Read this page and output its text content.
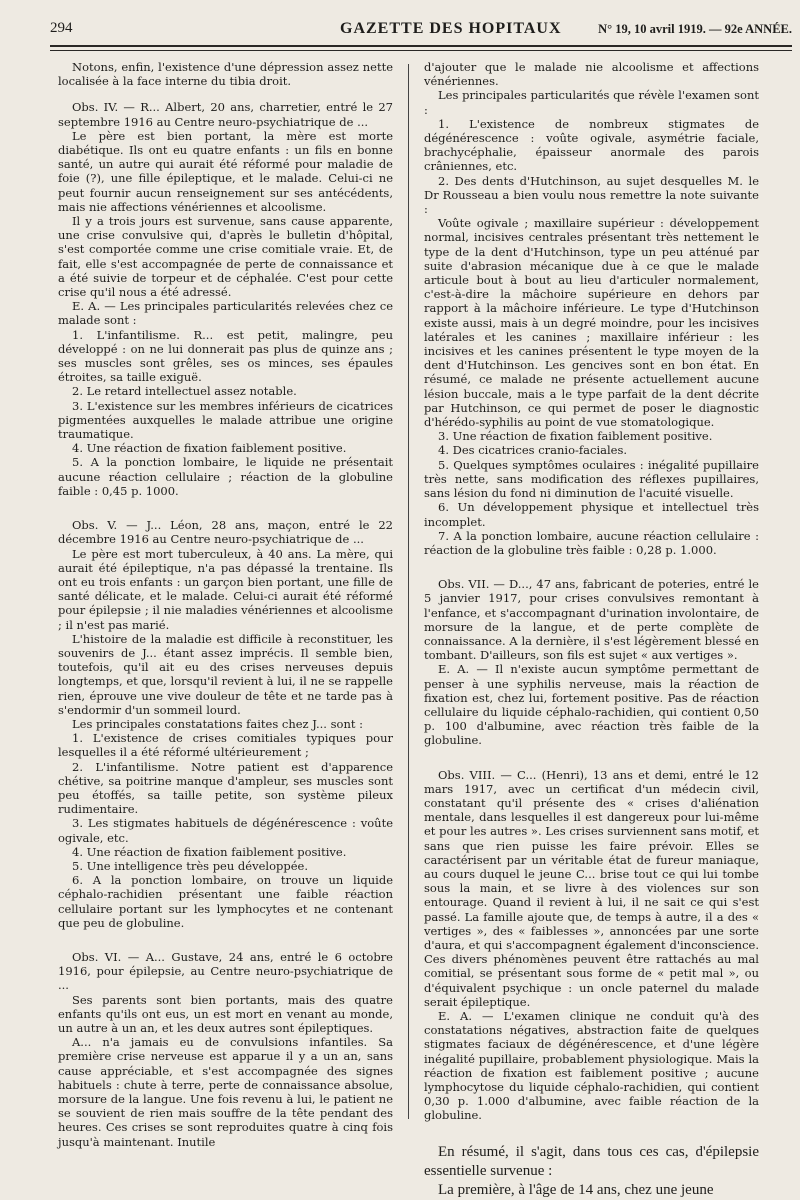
294	GAZETTE DES HOPITAUX	N° 19, 10 avril 1919. — 92e ANNÉE.

Notons, enfin, l'existence d'une dépression assez nette localisée à la face interne du tibia droit.

Obs. IV. — R... Albert, 20 ans, charretier, entré le 27 septembre 1916 au Centre neuro-psychiatrique de ...

Le père est bien portant, la mère est morte diabétique. Ils ont eu quatre enfants : un fils en bonne santé, un autre qui aurait été réformé pour maladie de foie (?), une fille épileptique, et le malade. Celui-ci ne peut fournir aucun renseignement sur ses antécédents, mais nie affections vénériennes et alcoolisme.

Il y a trois jours est survenue, sans cause apparente, une crise convulsive qui, d'après le bulletin d'hôpital, s'est comportée comme une crise comitiale vraie. Et, de fait, elle s'est accompagnée de perte de connaissance et a été suivie de torpeur et de céphalée. C'est pour cette crise qu'il nous a été adressé.

E. A. — Les principales particularités relevées chez ce malade sont :

1. L'infantilisme. R... est petit, malingre, peu développé : on ne lui donnerait pas plus de quinze ans ; ses muscles sont grêles, ses os minces, ses épaules étroites, sa taille exiguë.

2. Le retard intellectuel assez notable.

3. L'existence sur les membres inférieurs de cicatrices pigmentées auxquelles le malade attribue une origine traumatique.

4. Une réaction de fixation faiblement positive.

5. A la ponction lombaire, le liquide ne présentait aucune réaction cellulaire ; réaction de la globuline faible : 0,45 p. 1000.

Obs. V. — J... Léon, 28 ans, maçon, entré le 22 décembre 1916 au Centre neuro-psychiatrique de ...

Le père est mort tuberculeux, à 40 ans. La mère, qui aurait été épileptique, n'a pas dépassé la trentaine. Ils ont eu trois enfants : un garçon bien portant, une fille de santé délicate, et le malade. Celui-ci aurait été réformé pour épilepsie ; il nie maladies vénériennes et alcoolisme ; il n'est pas marié.

L'histoire de la maladie est difficile à reconstituer, les souvenirs de J... étant assez imprécis. Il semble bien, toutefois, qu'il ait eu des crises nerveuses depuis longtemps, et que, lorsqu'il revient à lui, il ne se rappelle rien, éprouve une vive douleur de tête et ne tarde pas à s'endormir d'un sommeil lourd.

Les principales constatations faites chez J... sont :

1. L'existence de crises comitiales typiques pour lesquelles il a été réformé ultérieurement ;

2. L'infantilisme. Notre patient est d'apparence chétive, sa poitrine manque d'ampleur, ses muscles sont peu étoffés, sa taille petite, son système pileux rudimentaire.

3. Les stigmates habituels de dégénérescence : voûte ogivale, etc.

4. Une réaction de fixation faiblement positive.

5. Une intelligence très peu développée.

6. A la ponction lombaire, on trouve un liquide céphalo-rachidien présentant une faible réaction cellulaire portant sur les lymphocytes et ne contenant que peu de globuline.

Obs. VI. — A... Gustave, 24 ans, entré le 6 octobre 1916, pour épilepsie, au Centre neuro-psychiatrique de ...

Ses parents sont bien portants, mais des quatre enfants qu'ils ont eus, un est mort en venant au monde, un autre à un an, et les deux autres sont épileptiques.

A... n'a jamais eu de convulsions infantiles. Sa première crise nerveuse est apparue il y a un an, sans cause appréciable, et s'est accompagnée des signes habituels : chute à terre, perte de connaissance absolue, morsure de la langue. Une fois revenu à lui, le patient ne se souvient de rien mais souffre de la tête pendant des heures. Ces crises se sont reproduites quatre à cinq fois jusqu'à maintenant. Inutile

d'ajouter que le malade nie alcoolisme et affections vénériennes.

Les principales particularités que révèle l'examen sont :

1. L'existence de nombreux stigmates de dégénérescence : voûte ogivale, asymétrie faciale, brachycéphalie, épaisseur anormale des parois crâniennes, etc.

2. Des dents d'Hutchinson, au sujet desquelles M. le Dr Rousseau a bien voulu nous remettre la note suivante :

Voûte ogivale ; maxillaire supérieur : développement normal, incisives centrales présentant très nettement le type de la dent d'Hutchinson, type un peu atténué par suite d'abrasion mécanique due à ce que le malade articule bout à bout au lieu d'articuler normalement, c'est-à-dire la mâchoire supérieure en dehors par rapport à la mâchoire inférieure. Le type d'Hutchinson existe aussi, mais à un degré moindre, pour les incisives latérales et les canines ; maxillaire inférieur : les incisives et les canines présentent le type moyen de la dent d'Hutchinson. Les gencives sont en bon état. En résumé, ce malade ne présente actuellement aucune lésion buccale, mais a le type parfait de la dent décrite par Hutchinson, ce qui permet de poser le diagnostic d'hérédo-syphilis au point de vue stomatologique.

3. Une réaction de fixation faiblement positive.

4. Des cicatrices cranio-faciales.

5. Quelques symptômes oculaires : inégalité pupillaire très nette, sans modification des réflexes pupillaires, sans lésion du fond ni diminution de l'acuité visuelle.

6. Un développement physique et intellectuel très incomplet.

7. A la ponction lombaire, aucune réaction cellulaire : réaction de la globuline très faible : 0,28 p. 1.000.

Obs. VII. — D..., 47 ans, fabricant de poteries, entré le 5 janvier 1917, pour crises convulsives remontant à l'enfance, et s'accompagnant d'urination involontaire, de morsure de la langue, et de perte complète de connaissance. A la dernière, il s'est légèrement blessé en tombant. D'ailleurs, son fils est sujet « aux vertiges ».

E. A. — Il n'existe aucun symptôme permettant de penser à une syphilis nerveuse, mais la réaction de fixation est, chez lui, fortement positive. Pas de réaction cellulaire du liquide céphalo-rachidien, qui contient 0,50 p. 100 d'albumine, avec réaction très faible de la globuline.

Obs. VIII. — C... (Henri), 13 ans et demi, entré le 12 mars 1917, avec un certificat d'un médecin civil, constatant qu'il présente des « crises d'aliénation mentale, dans lesquelles il est dangereux pour lui-même et pour les autres ». Les crises surviennent sans motif, et sans que rien puisse les faire prévoir. Elles se caractérisent par un véritable état de fureur maniaque, au cours duquel le jeune C... brise tout ce qui lui tombe sous la main, et se livre à des violences sur son entourage. Quand il revient à lui, il ne sait ce qui s'est passé. La famille ajoute que, de temps à autre, il a des « vertiges », des « faiblesses », annoncées par une sorte d'aura, et qui s'accompagnent également d'inconscience. Ces divers phénomènes peuvent être rattachés au mal comitial, se présentant sous forme de « petit mal », ou d'équivalent psychique : un oncle paternel du malade serait épileptique.

E. A. — L'examen clinique ne conduit qu'à des constatations négatives, abstraction faite de quelques stigmates faciaux de dégénérescence, et d'une légère inégalité pupillaire, probablement physiologique. Mais la réaction de fixation est faiblement positive ; aucune lymphocytose du liquide céphalo-rachidien, qui contient 0,30 p. 1.000 d'albumine, avec faible réaction de la globuline.

En résumé, il s'agit, dans tous ces cas, d'épilepsie essentielle survenue :

La première, à l'âge de 14 ans, chez une jeune
